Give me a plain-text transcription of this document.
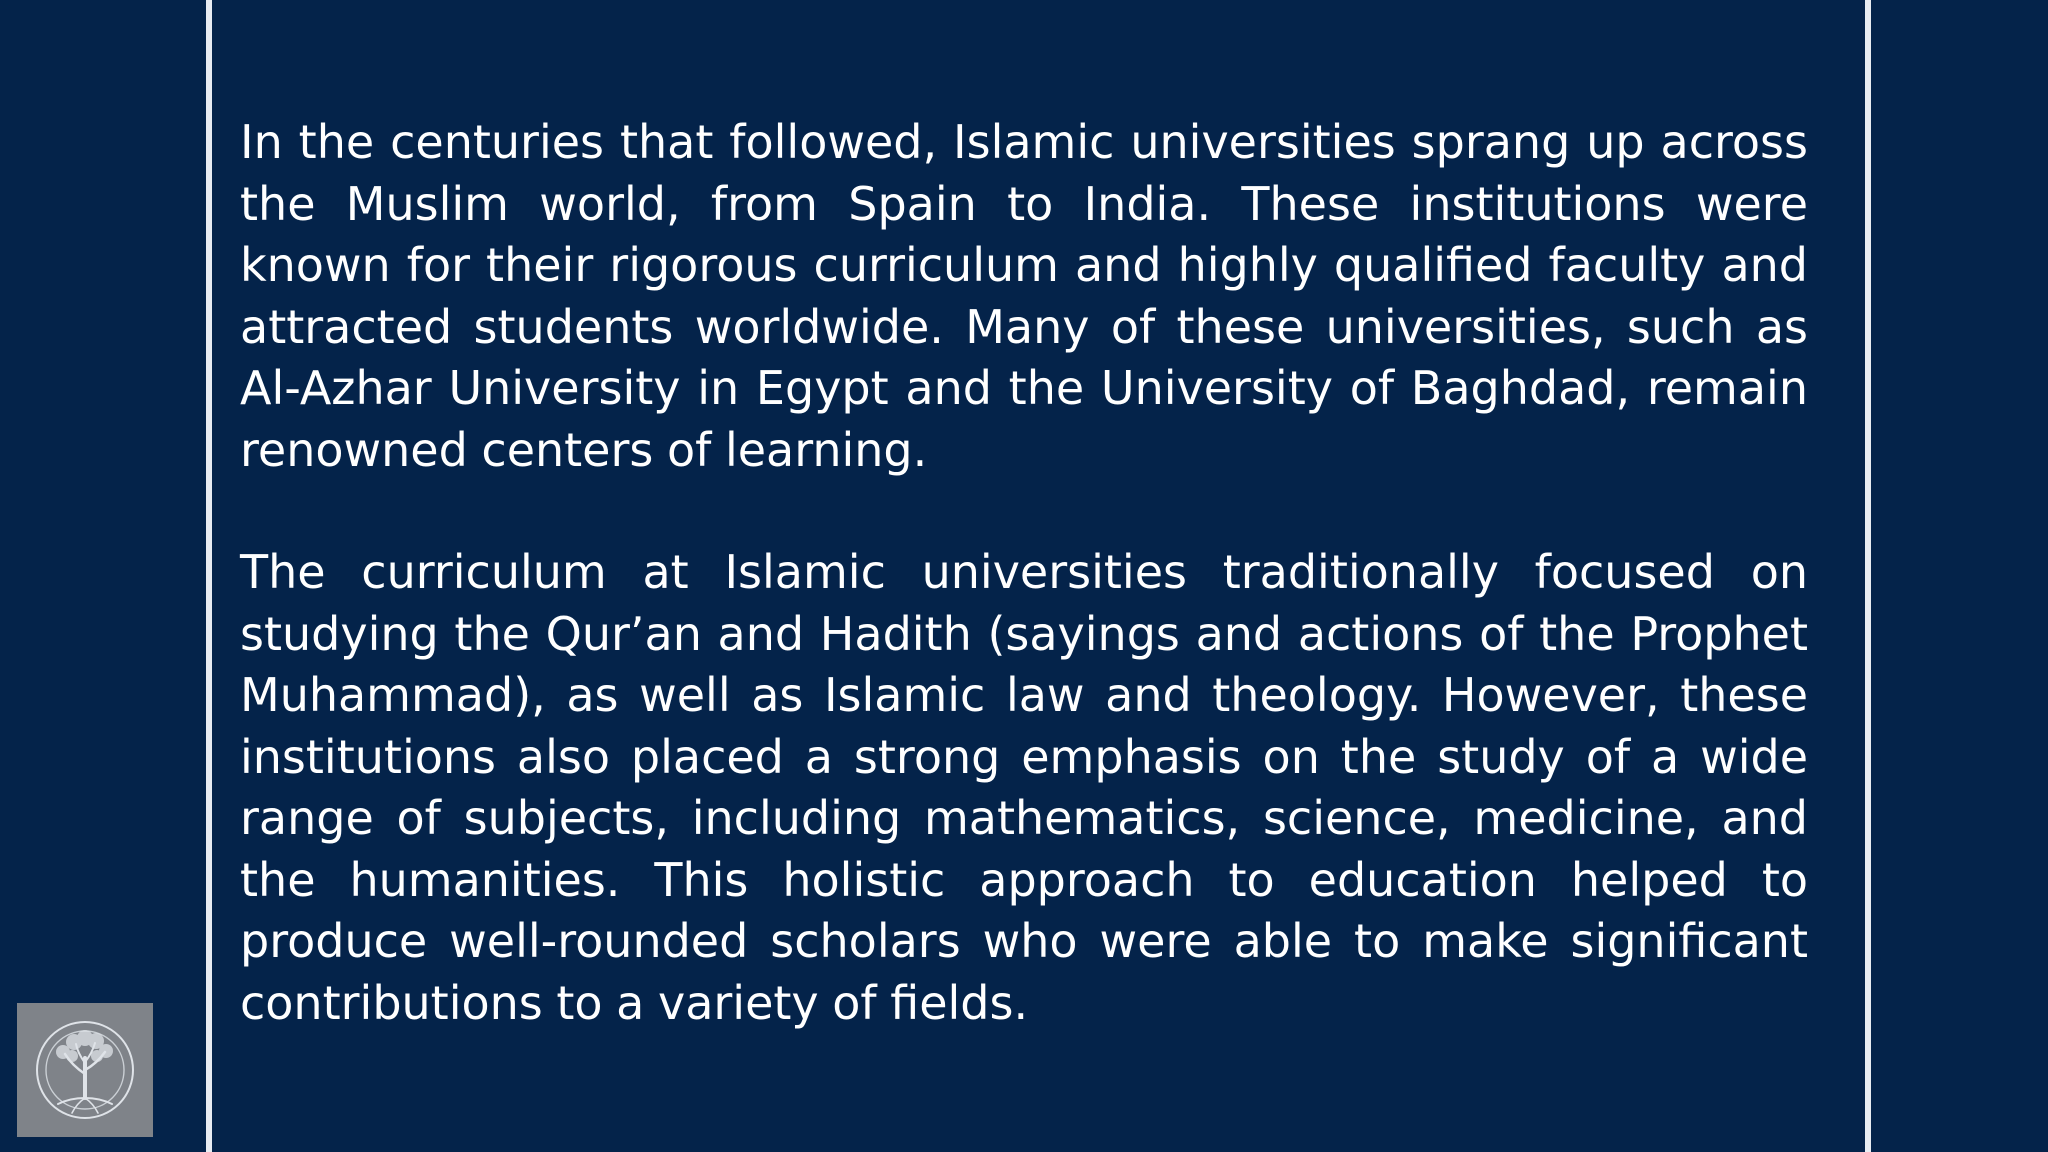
In the centuries that followed, Islamic universities sprang up across the Muslim world, from Spain to India. These institutions were known for their rigorous curriculum and highly qualified faculty and attracted students worldwide. Many of these universities, such as Al-Azhar University in Egypt and the University of Baghdad, remain renowned centers of learning.

The curriculum at Islamic universities traditionally focused on studying the Qur’an and Hadith (sayings and actions of the Prophet Muhammad), as well as Islamic law and theology. However, these institutions also placed a strong emphasis on the study of a wide range of subjects, including mathematics, science, medicine, and the humanities. This holistic approach to education helped to produce well-rounded scholars who were able to make significant contributions to a variety of fields.
